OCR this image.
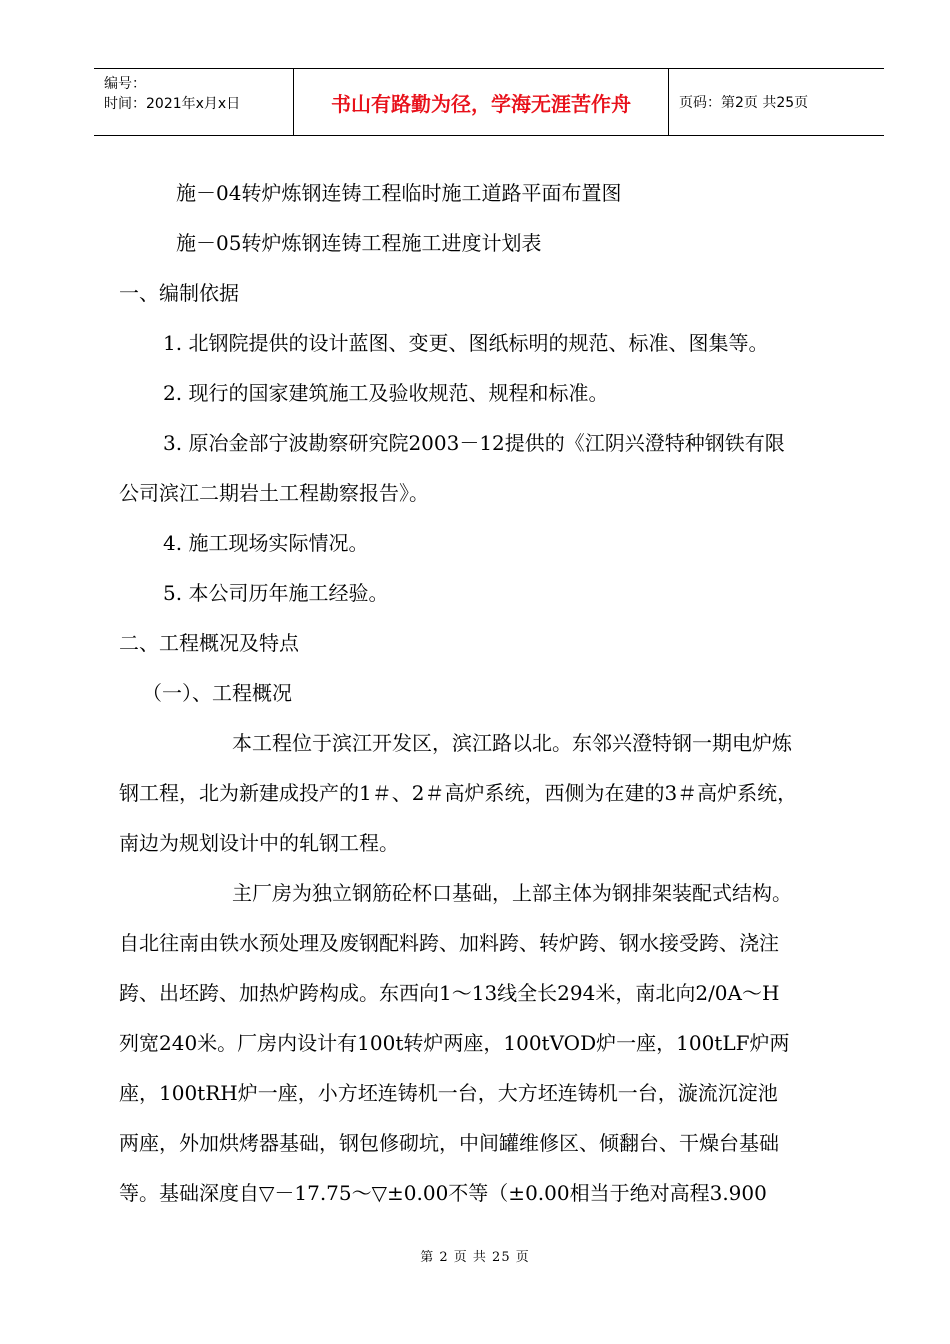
编号：
时间：2021年x月x日	书山有路勤为径，学海无涯苦作舟	页码：第2页 共25页
施－04转炉炼钢连铸工程临时施工道路平面布置图
施－05转炉炼钢连铸工程施工进度计划表
一、编制依据
1. 北钢院提供的设计蓝图、变更、图纸标明的规范、标准、图集等。
2. 现行的国家建筑施工及验收规范、规程和标准。
3. 原冶金部宁波勘察研究院2003－12提供的《江阴兴澄特种钢铁有限
公司滨江二期岩土工程勘察报告》。
4. 施工现场实际情况。
5. 本公司历年施工经验。
二、工程概况及特点
（一）、工程概况
本工程位于滨江开发区，滨江路以北。东邻兴澄特钢一期电炉炼
钢工程，北为新建成投产的1＃、2＃高炉系统，西侧为在建的3＃高炉系统，
南边为规划设计中的轧钢工程。
主厂房为独立钢筋砼杯口基础，上部主体为钢排架装配式结构。
自北往南由铁水预处理及废钢配料跨、加料跨、转炉跨、钢水接受跨、浇注
跨、出坯跨、加热炉跨构成。东西向1～13线全长294米，南北向2/0A～H
列宽240米。厂房内设计有100t转炉两座，100tVOD炉一座，100tLF炉两
座，100tRH炉一座，小方坯连铸机一台，大方坯连铸机一台，漩流沉淀池
两座，外加烘烤器基础，钢包修砌坑，中间罐维修区、倾翻台、干燥台基础
等。基础深度自▽－17.75～▽±0.00不等（±0.00相当于绝对高程3.900
第 2 页 共 25 页
